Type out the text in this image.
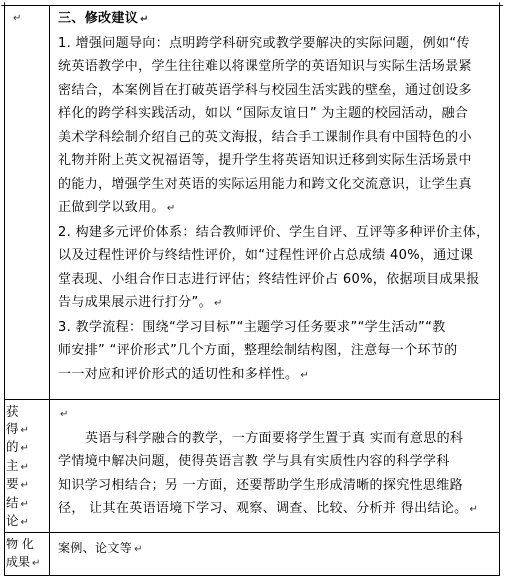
+	+
↵	三、修改建议 ↵

1. 增强问题导向：点明跨学科研究或教学要解决的实际问题，例如“传

统英语教学中，学生往往难以将课堂所学的英语知识与实际生活场景紧

密结合，本案例旨在打破英语学科与校园生活实践的壁垒，通过创设多

样化的跨学科实践活动，如以 “国际友谊日” 为主题的校园活动，融合

美术学科绘制介绍自己的英文海报，结合手工课制作具有中国特色的小

礼物并附上英文祝福语等，提升学生将英语知识迁移到实际生活场景中

的能力，增强学生对英语的实际运用能力和跨文化交流意识，让学生真

正做到学以致用。 ↵

2. 构建多元评价体系：结合教师评价、学生自评、互评等多种评价主体，

以及过程性评价与终结性评价，如“过程性评价占总成绩 40%，通过课

堂表现、小组合作日志进行评估；终结性评价占 60%，依据项目成果报

告与成果展示进行打分”。 ↵

3. 教学流程：围绕“学习目标”“主题学习任务要求”“学生活动”“教

师安排” “评价形式”几个方面，整理绘制结构图，注意每一个环节的

一一对应和评价形式的适切性和多样性。 ↵

获
得 ↵
的 ↵
主 ↵
要 ↵
结 ↵
论 ↵

↵

英语与科学融合的教学，一方面要将学生置于真 实而有意思的科

学情境中解决问题，使得英语言教 学与具有实质性内容的科学学科

知识学习相结合；另 一方面，还要帮助学生形成清晰的探究性思维路

径， 让其在英语语境下学习、观察、调查、比较、分析并 得出结论。 ↵

物 化
成果 ↵

案例、论文等 ↵
